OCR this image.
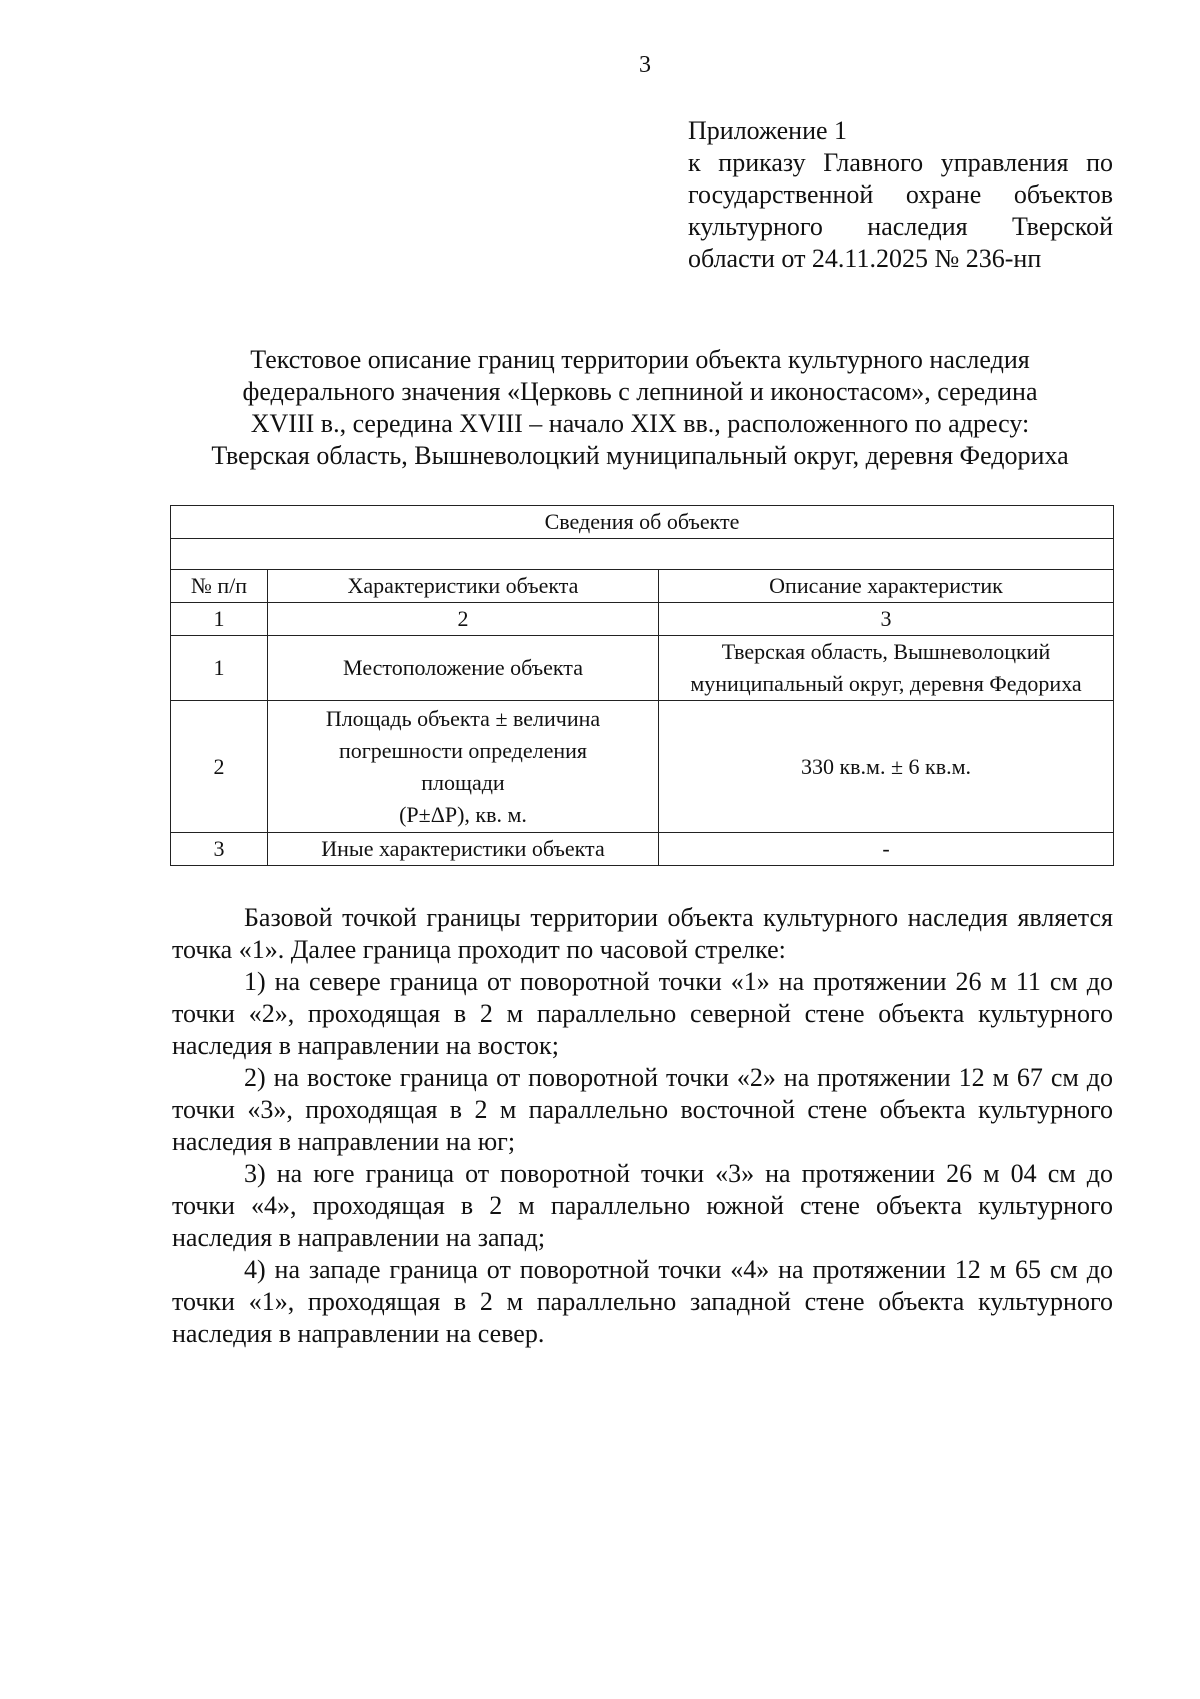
3
Приложение 1
к приказу Главного управления по
государственной охране объектов
культурного наследия Тверской
области от 24.11.2025 № 236-нп
Текстовое описание границ территории объекта культурного наследия
федерального значения «Церковь с лепниной и иконостасом», середина
XVIII в., середина XVIII – начало XIX вв., расположенного по адресу:
Тверская область, Вышневолоцкий муниципальный округ, деревня Федориха
Сведения об объекте		

№ п/п	Характеристики объекта	Описание характеристик
1	2	3
1	Местоположение объекта	Тверская область, Вышневолоцкий
муниципальный округ, деревня Федориха

2	Площадь объекта ± величина
погрешности определения
площади
(Р±ΔР), кв. м.	330 кв.м. ± 6 кв.м.
3	Иные характеристики объекта	-

Базовой точкой границы территории объекта культурного наследия является точка «1». Далее граница проходит по часовой стрелке:

1) на севере граница от поворотной точки «1» на протяжении 26 м 11 см до точки «2», проходящая в 2 м параллельно северной стене объекта культурного наследия в направлении на восток;

2) на востоке граница от поворотной точки «2» на протяжении 12 м 67 см до точки «3», проходящая в 2 м параллельно восточной стене объекта культурного наследия в направлении на юг;

3) на юге граница от поворотной точки «3» на протяжении 26 м 04 см до точки «4», проходящая в 2 м параллельно южной стене объекта культурного наследия в направлении на запад;

4) на западе граница от поворотной точки «4» на протяжении 12 м 65 см до точки «1», проходящая в 2 м параллельно западной стене объекта культурного наследия в направлении на север.
